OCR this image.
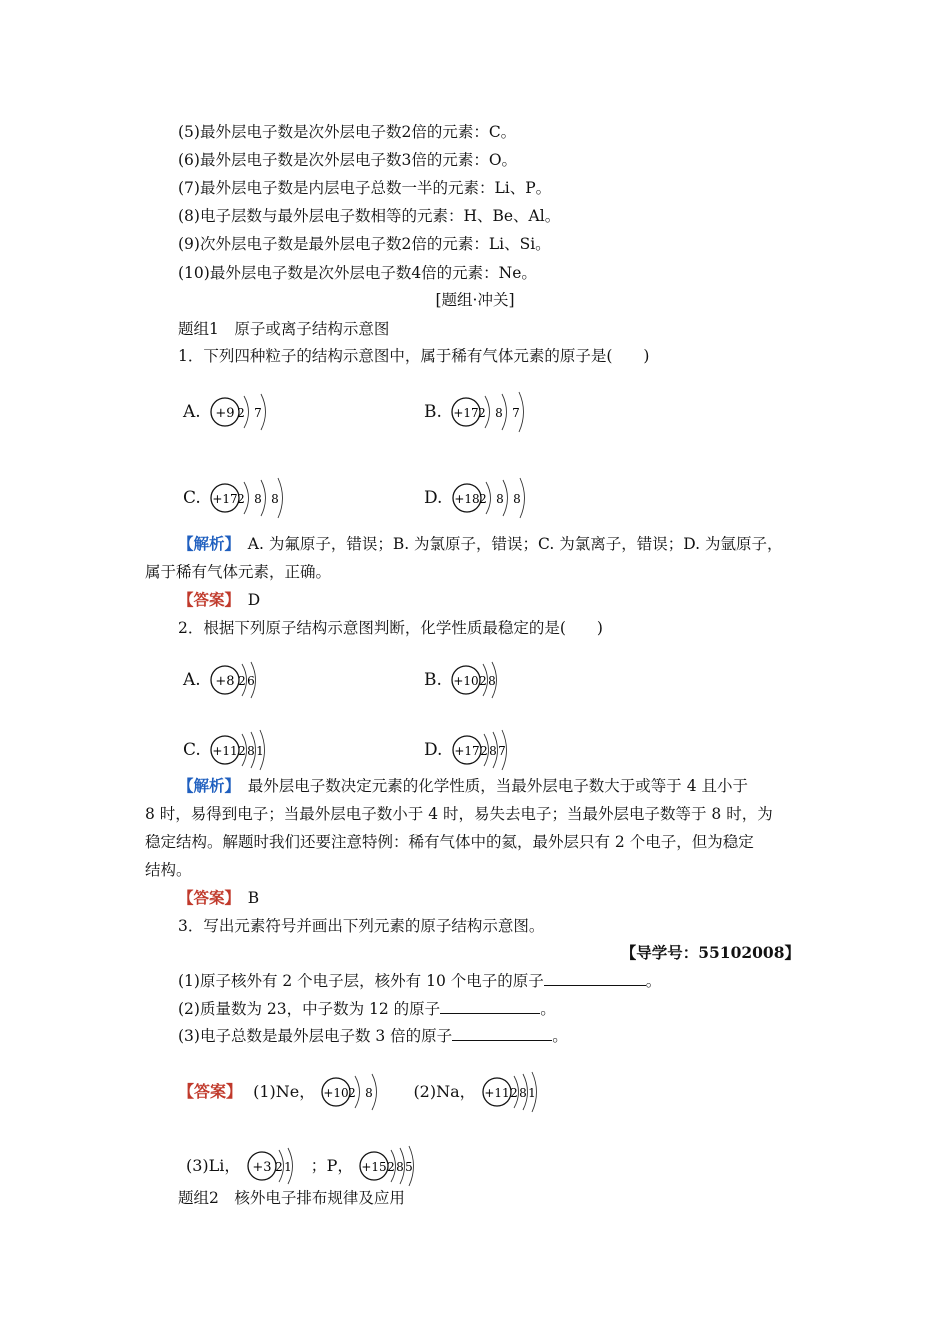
(5)最外层电子数是次外层电子数2倍的元素：C。
(6)最外层电子数是次外层电子数3倍的元素：O。
(7)最外层电子数是内层电子总数一半的元素：Li、P。
(8)电子层数与最外层电子数相等的元素：H、Be、Al。
(9)次外层电子数是最外层电子数2倍的元素：Li、Si。
(10)最外层电子数是次外层电子数4倍的元素：Ne。
[题组·冲关]
题组1　原子或离子结构示意图
1．下列四种粒子的结构示意图中，属于稀有气体元素的原子是(　　)
A. +9 2 7	B. +17 2 8 7
C. +17 2 8 8	D. +18 2 8 8
【解析】　A. 为氟原子，错误；B. 为氯原子，错误；C. 为氯离子，错误；D. 为氩原子，
属于稀有气体元素，正确。
【答案】　D
2．根据下列原子结构示意图判断，化学性质最稳定的是(　　)
A. +8 2 6	B. +10 2 8
C. +11 2 8 1	D. +17 2 8 7
【解析】　最外层电子数决定元素的化学性质，当最外层电子数大于或等于 4 且小于
8 时，易得到电子；当最外层电子数小于 4 时，易失去电子；当最外层电子数等于 8 时，为
稳定结构。解题时我们还要注意特例：稀有气体中的氦，最外层只有 2 个电子，但为稳定
结构。
【答案】　B
3．写出元素符号并画出下列元素的原子结构示意图。
【导学号：55102008】
(1)原子核外有 2 个电子层，核外有 10 个电子的原子	。
(2)质量数为 23，中子数为 12 的原子	。
(3)电子总数是最外层电子数 3 倍的原子	。
【答案】 (1)Ne， +10 2 8	(2)Na， +11 2 8 1
(3)Li， +3 2 1 ；P， +15 2 8 5
题组2　核外电子排布规律及应用
